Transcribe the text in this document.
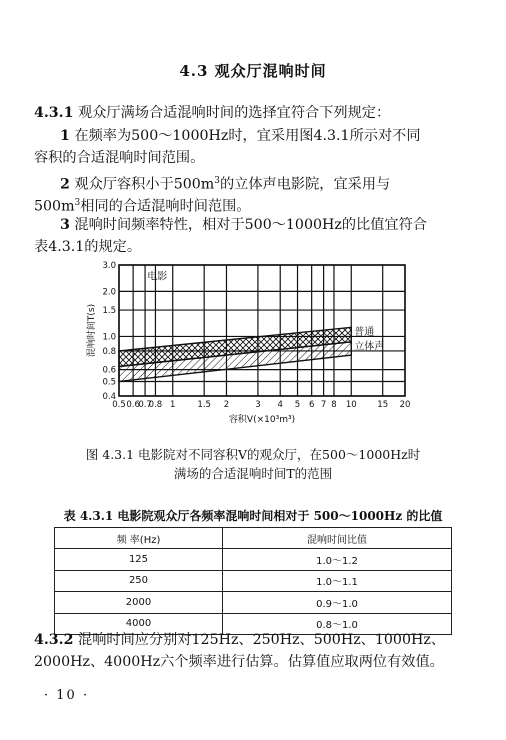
4.3 观众厅混响时间
4.3.1 观众厅满场合适混响时间的选择宜符合下列规定：
1 在频率为500～1000Hz时，宜采用图4.3.1所示对不同
容积的合适混响时间范围。
2 观众厅容积小于$500m^3$的立体声电影院，宜采用与
$500m^3$相同的合适混响时间范围。
3 混响时间频率特性，相对于500～1000Hz的比值宜符合
表4.3.1的规定。
0.5 0.6
0.7
0.8 1	1.5 2	3 4 5 6 7 8 10 15 20
3.0
2.0
1.5
1.0
0.8
0.6
0.5
0.4
电影
普通
立体声
混响时间T(s)
容积V(×10³m³)
图 4.3.1 电影院对不同容积V的观众厅，在500～1000Hz时
满场的合适混响时间T的范围
表 4.3.1 电影院观众厅各频率混响时间相对于 500～1000Hz 的比值
频 率(Hz)	混响时间比值
125	1.0～1.2
250	1.0～1.1
2000	0.9～1.0
4000	0.8～1.0
4.3.2 混响时间应分别对125Hz、250Hz、500Hz、1000Hz、
2000Hz、4000Hz六个频率进行估算。估算值应取两位有效值。
· 10 ·
